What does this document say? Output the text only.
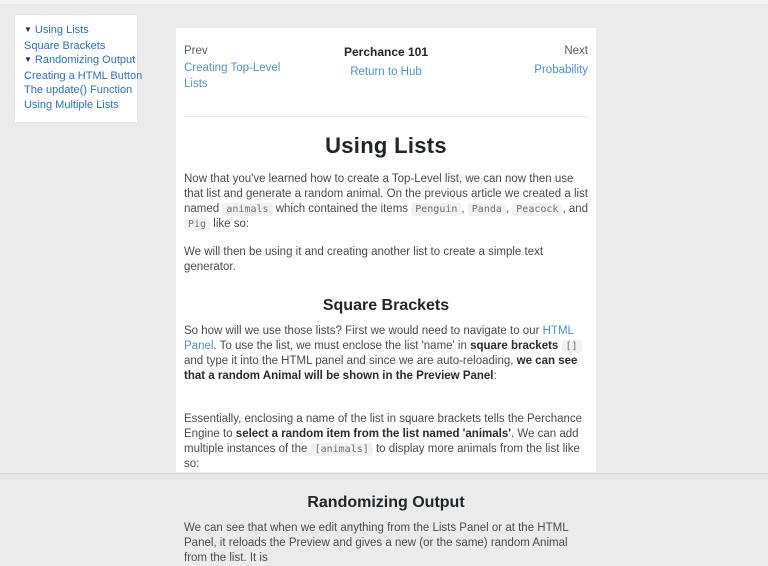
▼ Using Lists
Square Brackets
▼ Randomizing Output
Creating a HTML Button
The update() Function
Using Multiple Lists
Prev
Creating Top-Level Lists
Perchance 101
Return to Hub
Next
Probability
Using Lists

Now that you've learned how to create a Top-Level list, we can now then use that list and generate a random animal. On the previous article we created a list named animals which contained the items Penguin , Panda , Peacock , and Pig like so:

We will then be using it and creating another list to create a simple text generator.

Square Brackets

So how will we use those lists? First we would need to navigate to our HTML Panel. To use the list, we must enclose the list 'name' in square brackets [] and type it into the HTML panel and since we are auto-reloading, we can see that a random Animal will be shown in the Preview Panel:

Essentially, enclosing a name of the list in square brackets tells the Perchance Engine to select a random item from the list named 'animals'. We can add multiple instances of the [animals] to display more animals from the list like so:

Randomizing Output

We can see that when we edit anything from the Lists Panel or at the HTML Panel, it reloads the Preview and gives a new (or the same) random Animal from the list. It is
